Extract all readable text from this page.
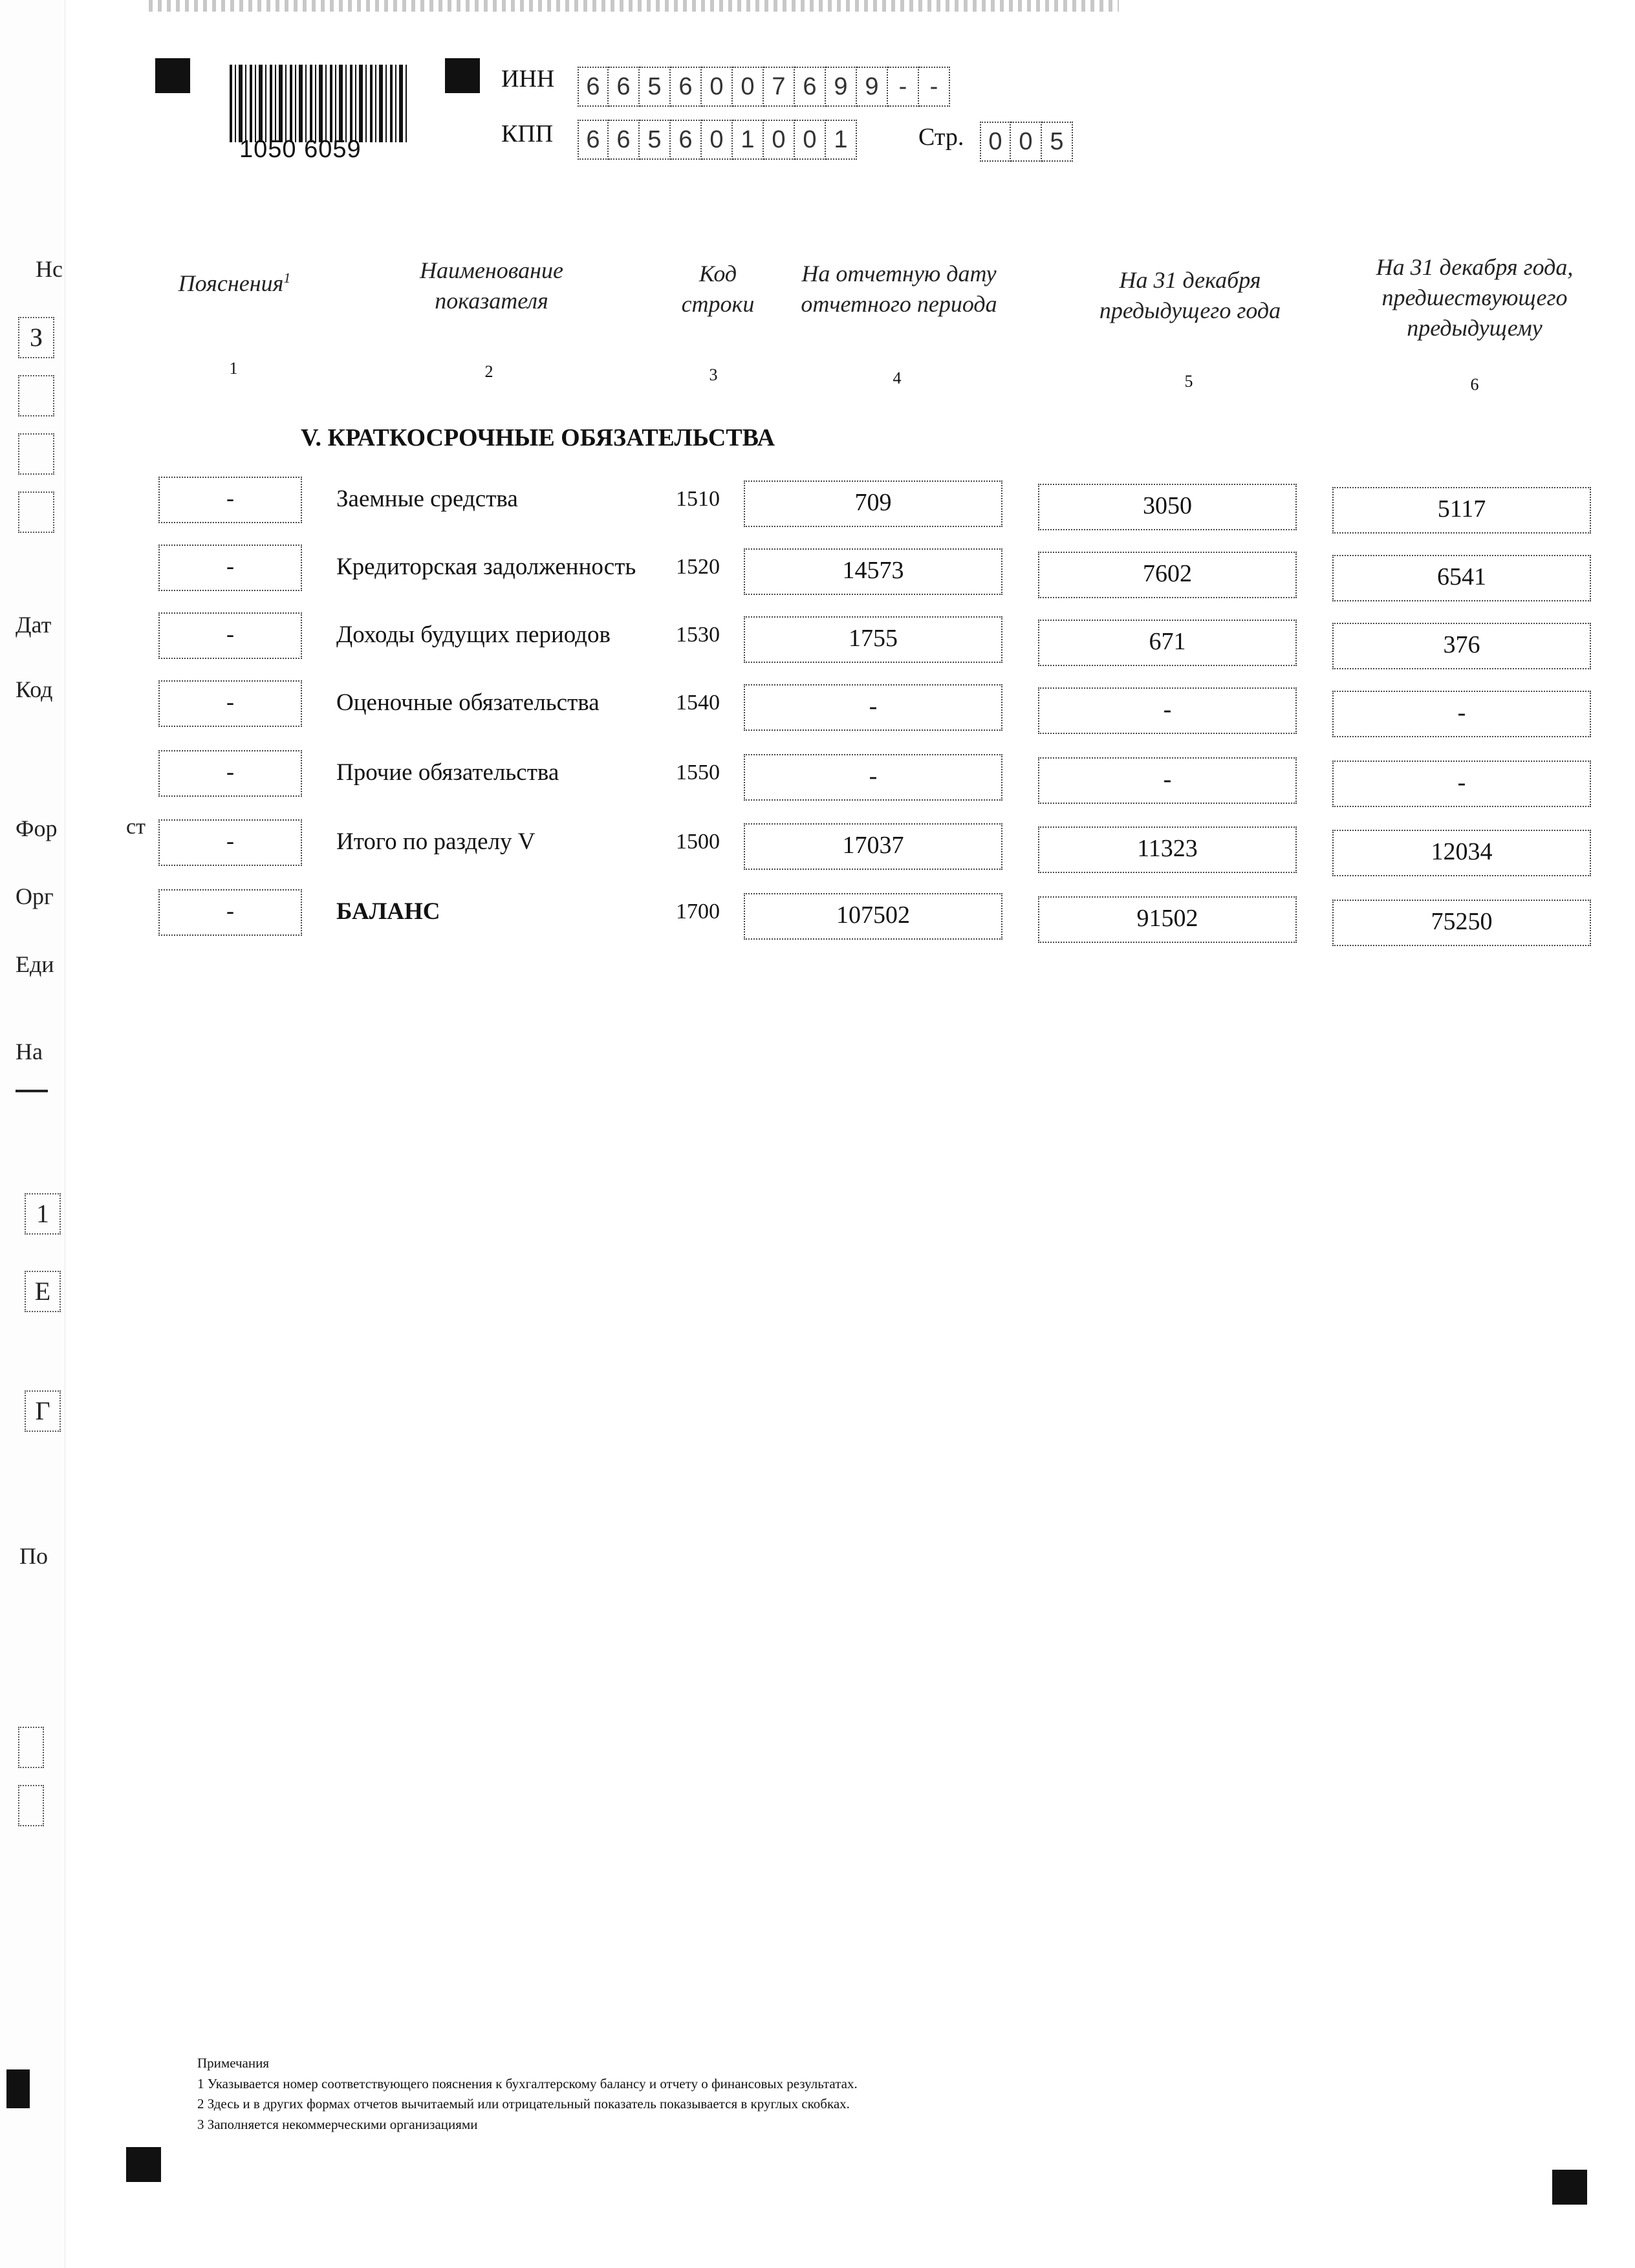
Нс
З
Дат
Код
Фор
Орг
Еди
На
1
Е
Г
По
ст
1050 6059
ИНН	6 6 5 6 0 0 7 6 9 9 - -
КПП	6 6 5 6 0 1 0 0 1	Стр.	0 0 5
Пояснения$^1$	Наименование показателя
Код строки
На отчетную дату отчетного периода
На 31 декабря предыдущего года
На 31 декабря года, предшествующего предыдущему
1	2	3	4	5	6
V. КРАТКОСРОЧНЫЕ ОБЯЗАТЕЛЬСТВА
-	Заемные средства	1510	709	3050	5117
-	Кредиторская задолженность 1520	14573	7602	6541
-	Доходы будущих периодов	1530	1755	671	376
-	Оценочные обязательства	1540	-	-	-
-	Прочие обязательства	1550	-	-	-
-	Итого по разделу V	1500	17037	11323	12034
-	БАЛАНС	1700	107502	91502	75250
Примечания
1 Указывается номер соответствующего пояснения к бухгалтерскому балансу и отчету о финансовых результатах.
2 Здесь и в других формах отчетов вычитаемый или отрицательный показатель показывается в круглых скобках.
3 Заполняется некоммерческими организациями
